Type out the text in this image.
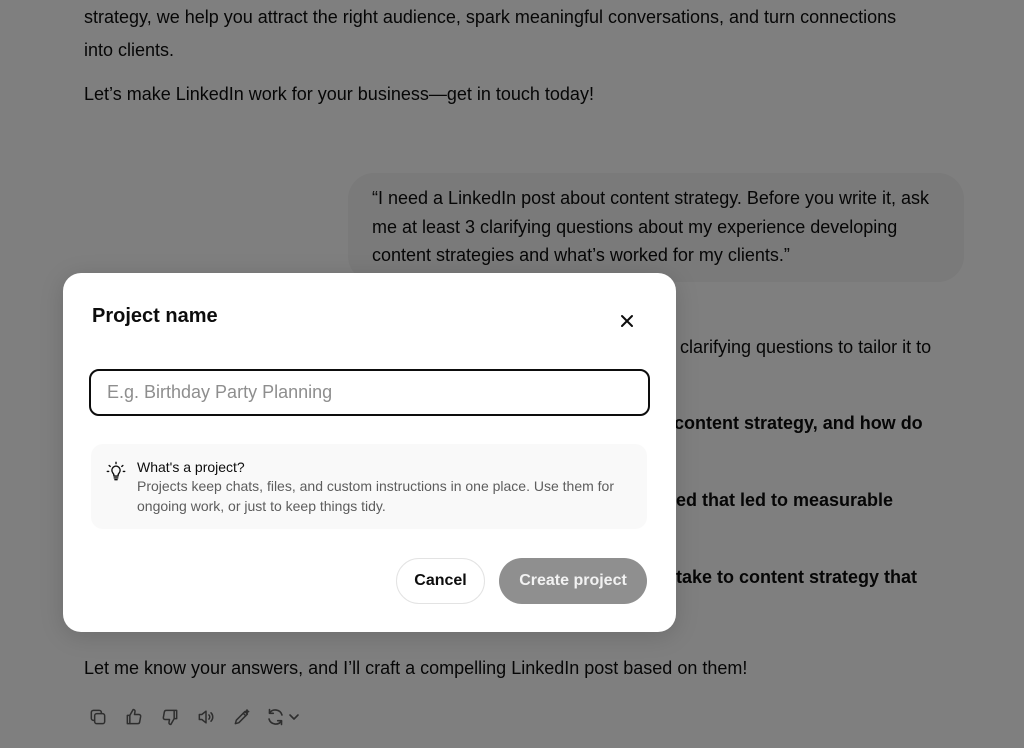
Project name
E.g. Birthday Party Planning
What's a project?
Projects keep chats, files, and custom instructions in one place. Use them for ongoing work, or just to keep things tidy.
Cancel	Create project
